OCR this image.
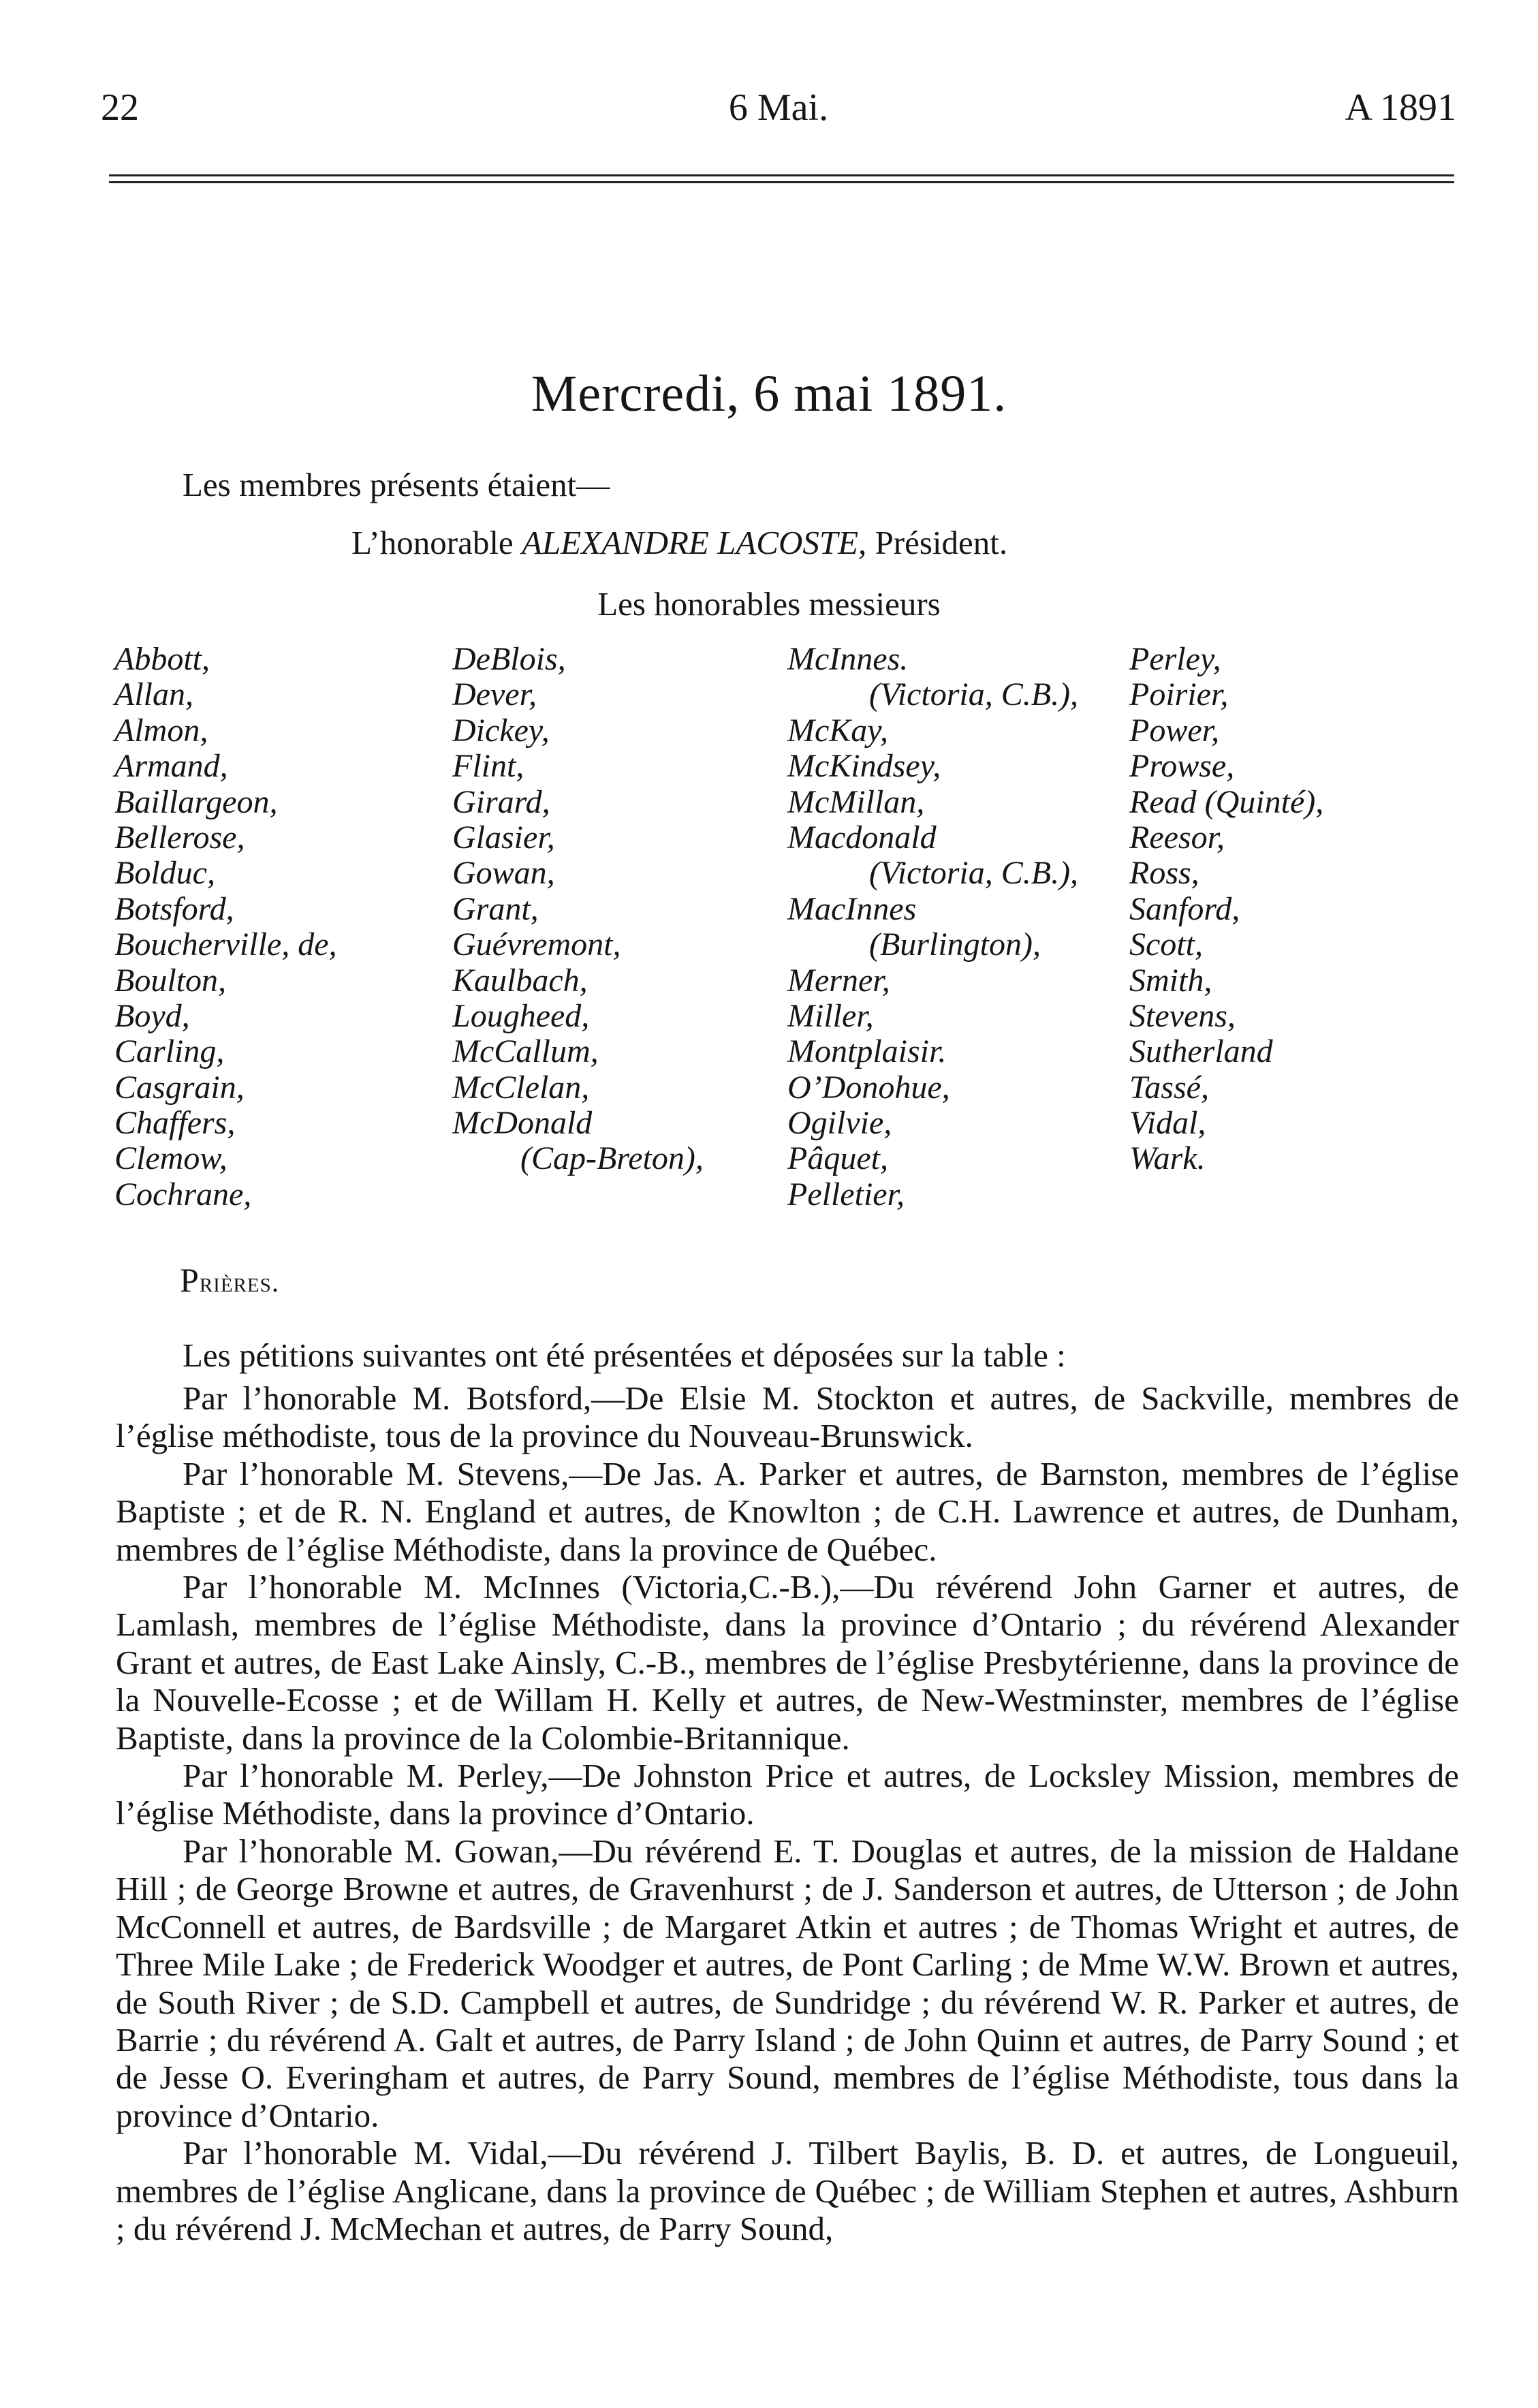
22	6 Mai.	A 1891
Mercredi, 6 mai 1891.
Les membres présents étaient—
L’honorable ALEXANDRE LACOSTE, Président.
Les honorables messieurs
Abbott,
Allan,
Almon,
Armand,
Baillargeon,
Bellerose,
Bolduc,
Botsford,
Boucherville, de,
Boulton,
Boyd,
Carling,
Casgrain,
Chaffers,
Clemow,
Cochrane,
DeBlois,
Dever,
Dickey,
Flint,
Girard,
Glasier,
Gowan,
Grant,
Guévremont,
Kaulbach,
Lougheed,
McCallum,
McClelan,
McDonald
(Cap-Breton),
McInnes.
(Victoria, C.B.),
McKay,
McKindsey,
McMillan,
Macdonald
(Victoria, C.B.),
MacInnes
(Burlington),
Merner,
Miller,
Montplaisir.
O’Donohue,
Ogilvie,
Pâquet,
Pelletier,
Perley,
Poirier,
Power,
Prowse,
Read (Quinté),
Reesor,
Ross,
Sanford,
Scott,
Smith,
Stevens,
Sutherland
Tassé,
Vidal,
Wark.
Prières.
Les pétitions suivantes ont été présentées et déposées sur la table :

Par l’honorable M. Botsford,—De Elsie M. Stockton et autres, de Sackville, membres de l’église méthodiste, tous de la province du Nouveau-Brunswick.

Par l’honorable M. Stevens,—De Jas. A. Parker et autres, de Barnston, membres de l’église Baptiste ; et de R. N. England et autres, de Knowlton ; de C.H. Lawrence et autres, de Dunham, membres de l’église Méthodiste, dans la province de Québec.

Par l’honorable M. McInnes (Victoria,C.-B.),—Du révérend John Garner et autres, de Lamlash, membres de l’église Méthodiste, dans la province d’Ontario ; du révérend Alexander Grant et autres, de East Lake Ainsly, C.-B., membres de l’église Presbytérienne, dans la province de la Nouvelle-Ecosse ; et de Willam H. Kelly et autres, de New-Westminster, membres de l’église Baptiste, dans la province de la Colombie-Britannique.

Par l’honorable M. Perley,—De Johnston Price et autres, de Locksley Mission, membres de l’église Méthodiste, dans la province d’Ontario.

Par l’honorable M. Gowan,—Du révérend E. T. Douglas et autres, de la mission de Haldane Hill ; de George Browne et autres, de Gravenhurst ; de J. Sanderson et autres, de Utterson ; de John McConnell et autres, de Bardsville ; de Margaret Atkin et autres ; de Thomas Wright et autres, de Three Mile Lake ; de Frederick Woodger et autres, de Pont Carling ; de Mme W.W. Brown et autres, de South River ; de S.D. Campbell et autres, de Sundridge ; du révérend W. R. Parker et autres, de Barrie ; du révérend A. Galt et autres, de Parry Island ; de John Quinn et autres, de Parry Sound ; et de Jesse O. Everingham et autres, de Parry Sound, membres de l’église Méthodiste, tous dans la province d’Ontario.

Par l’honorable M. Vidal,—Du révérend J. Tilbert Baylis, B. D. et autres, de Longueuil, membres de l’église Anglicane, dans la province de Québec ; de William Stephen et autres, Ashburn ; du révérend J. McMechan et autres, de Parry Sound,
